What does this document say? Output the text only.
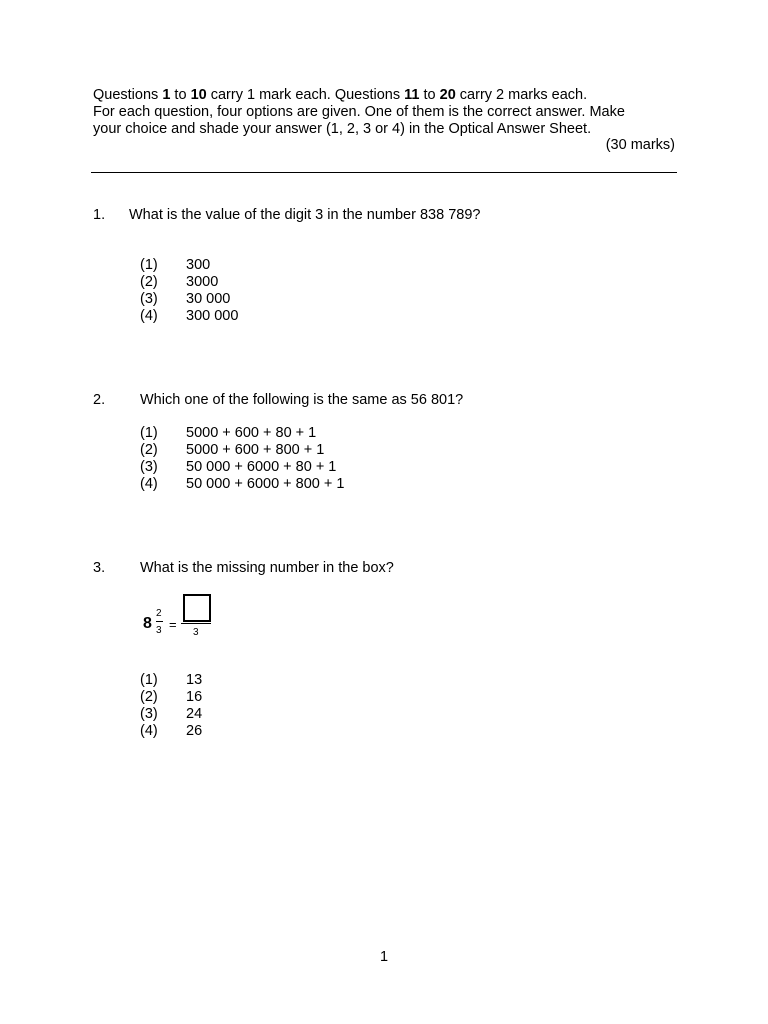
Questions 1 to 10 carry 1 mark each. Questions 11 to 20 carry 2 marks each.
For each question, four options are given. One of them is the correct answer. Make
your choice and shade your answer (1, 2, 3 or 4) in the Optical Answer Sheet.
(30 marks)
1. What is the value of the digit 3 in the number 838 789?
(1)	300
(2)	3000
(3)	30 000
(4)	300 000
2. Which one of the following is the same as 56 801?
(1)	5000 + 600 + 80 + 1
(2)	5000 + 600 + 800 + 1
(3)	50 000 + 6000 + 80 + 1
(4)	50 000 + 6000 + 800 + 1
3. What is the missing number in the box?
8
2
3 =
3
(1)	13
(2)	16
(3)	24
(4)	26
1
